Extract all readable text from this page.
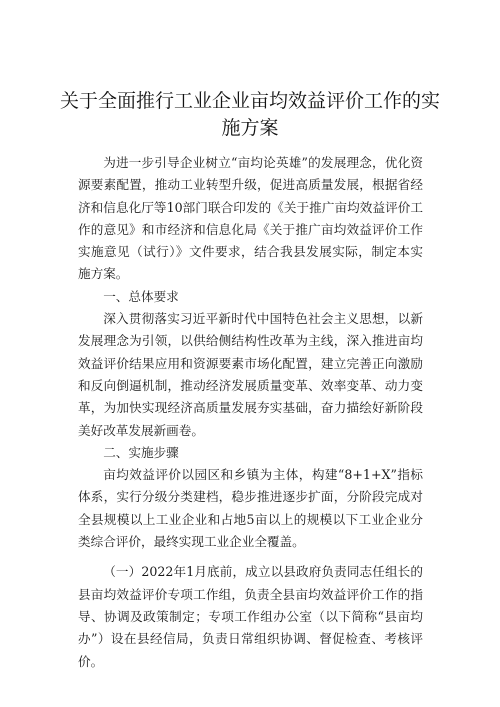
关于全面推行工业企业亩均效益评价工作的实施方案

为进一步引导企业树立“亩均论英雄”的发展理念，优化资源要素配置，推动工业转型升级，促进高质量发展，根据省经济和信息化厅等10部门联合印发的《关于推广亩均效益评价工作的意见》和市经济和信息化局《关于推广亩均效益评价工作实施意见（试行）》文件要求，结合我县发展实际，制定本实施方案。

一、总体要求

深入贯彻落实习近平新时代中国特色社会主义思想，以新发展理念为引领，以供给侧结构性改革为主线，深入推进亩均效益评价结果应用和资源要素市场化配置，建立完善正向激励和反向倒逼机制，推动经济发展质量变革、效率变革、动力变革，为加快实现经济高质量发展夯实基础，奋力描绘好新阶段美好改革发展新画卷。

二、实施步骤

亩均效益评价以园区和乡镇为主体，构建“8+1+X”指标体系，实行分级分类建档，稳步推进逐步扩面，分阶段完成对全县规模以上工业企业和占地5亩以上的规模以下工业企业分类综合评价，最终实现工业企业全覆盖。

（一）2022年1月底前，成立以县政府负责同志任组长的县亩均效益评价专项工作组，负责全县亩均效益评价工作的指导、协调及政策制定；专项工作组办公室（以下简称“县亩均办”）设在县经信局，负责日常组织协调、督促检查、考核评价。
